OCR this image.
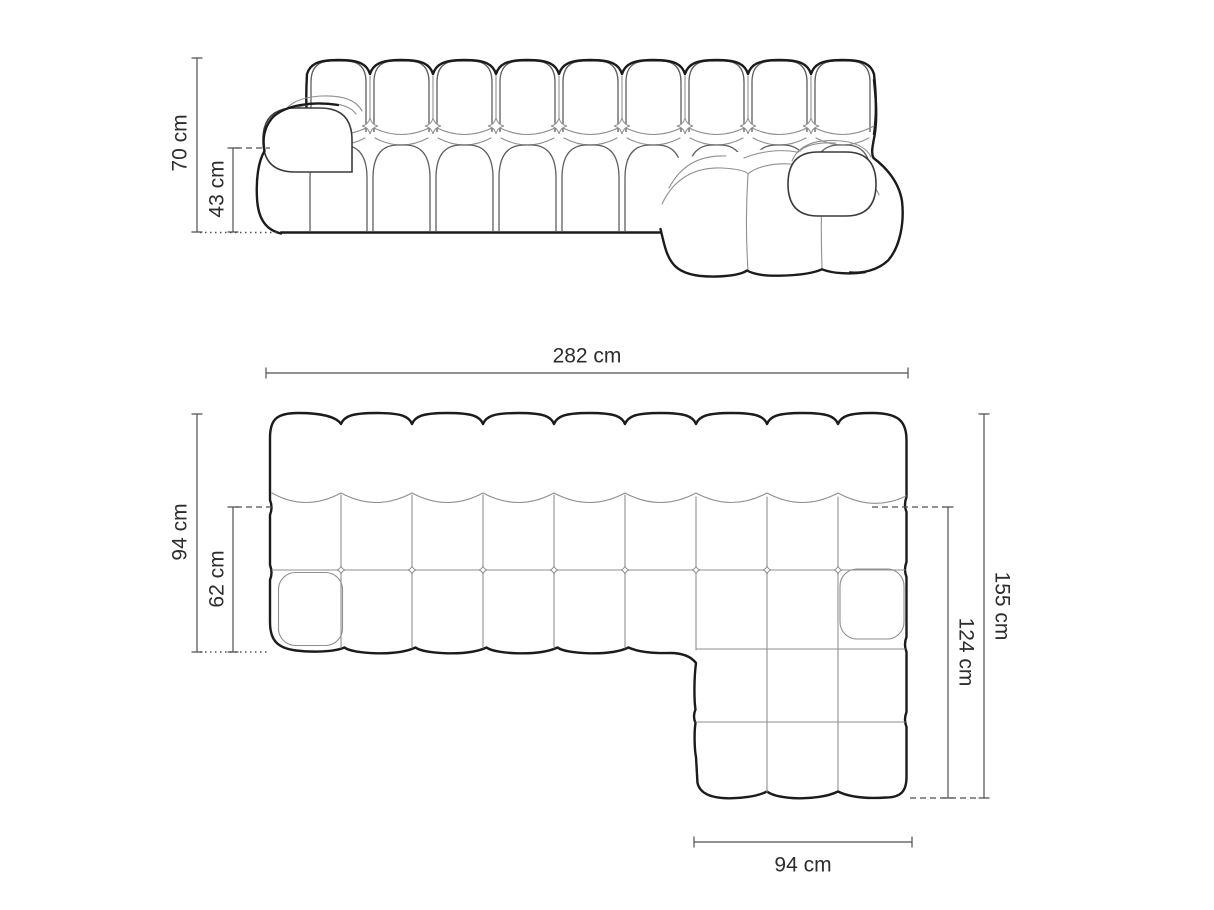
70 cm
43 cm
282 cm
94 cm
62 cm	155 cm
124 cm
94 cm
